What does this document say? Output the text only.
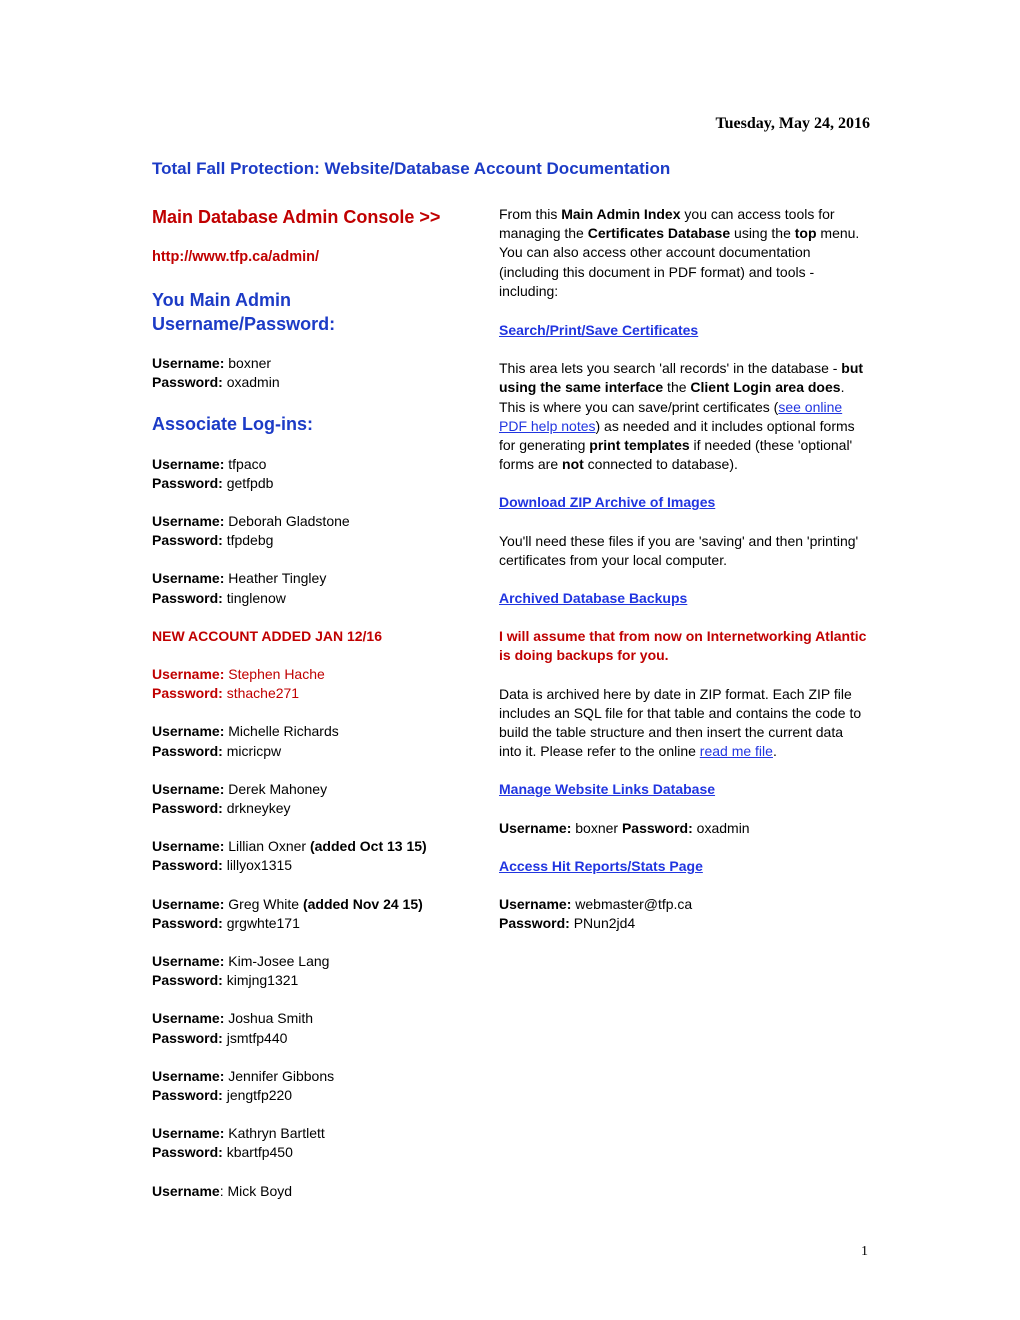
Tuesday, May 24, 2016
Total Fall Protection: Website/Database Account Documentation
Main Database Admin Console >>

http://www.tfp.ca/admin/

You Main Admin
Username/Password:

Username: boxner
Password: oxadmin

Associate Log-ins:

Username: tfpaco
Password: getfpdb

Username: Deborah Gladstone
Password: tfpdebg

Username: Heather Tingley
Password: tinglenow

NEW ACCOUNT ADDED JAN 12/16

Username: Stephen Hache
Password: sthache271

Username: Michelle Richards
Password: micricpw

Username: Derek Mahoney
Password: drkneykey

Username: Lillian Oxner (added Oct 13 15)
Password: lillyox1315

Username: Greg White (added Nov 24 15)
Password: grgwhte171

Username: Kim-Josee Lang
Password: kimjng1321

Username: Joshua Smith
Password: jsmtfp440

Username: Jennifer Gibbons
Password: jengtfp220

Username: Kathryn Bartlett
Password: kbartfp450

Username: Mick Boyd

From this Main Admin Index you can access tools for managing the Certificates Database using the top menu. You can also access other account documentation (including this document in PDF format) and tools - including:

Search/Print/Save Certificates

This area lets you search 'all records' in the database - but using the same interface the Client Login area does. This is where you can save/print certificates (see online PDF help notes) as needed and it includes optional forms for generating print templates if needed (these 'optional' forms are not connected to database).

Download ZIP Archive of Images

You'll need these files if you are 'saving' and then 'printing' certificates from your local computer.

Archived Database Backups

I will assume that from now on Internetworking Atlantic is doing backups for you.

Data is archived here by date in ZIP format. Each ZIP file includes an SQL file for that table and contains the code to build the table structure and then insert the current data into it. Please refer to the online read me file.

Manage Website Links Database

Username: boxner Password: oxadmin

Access Hit Reports/Stats Page

Username: webmaster@tfp.ca
Password: PNun2jd4

1
